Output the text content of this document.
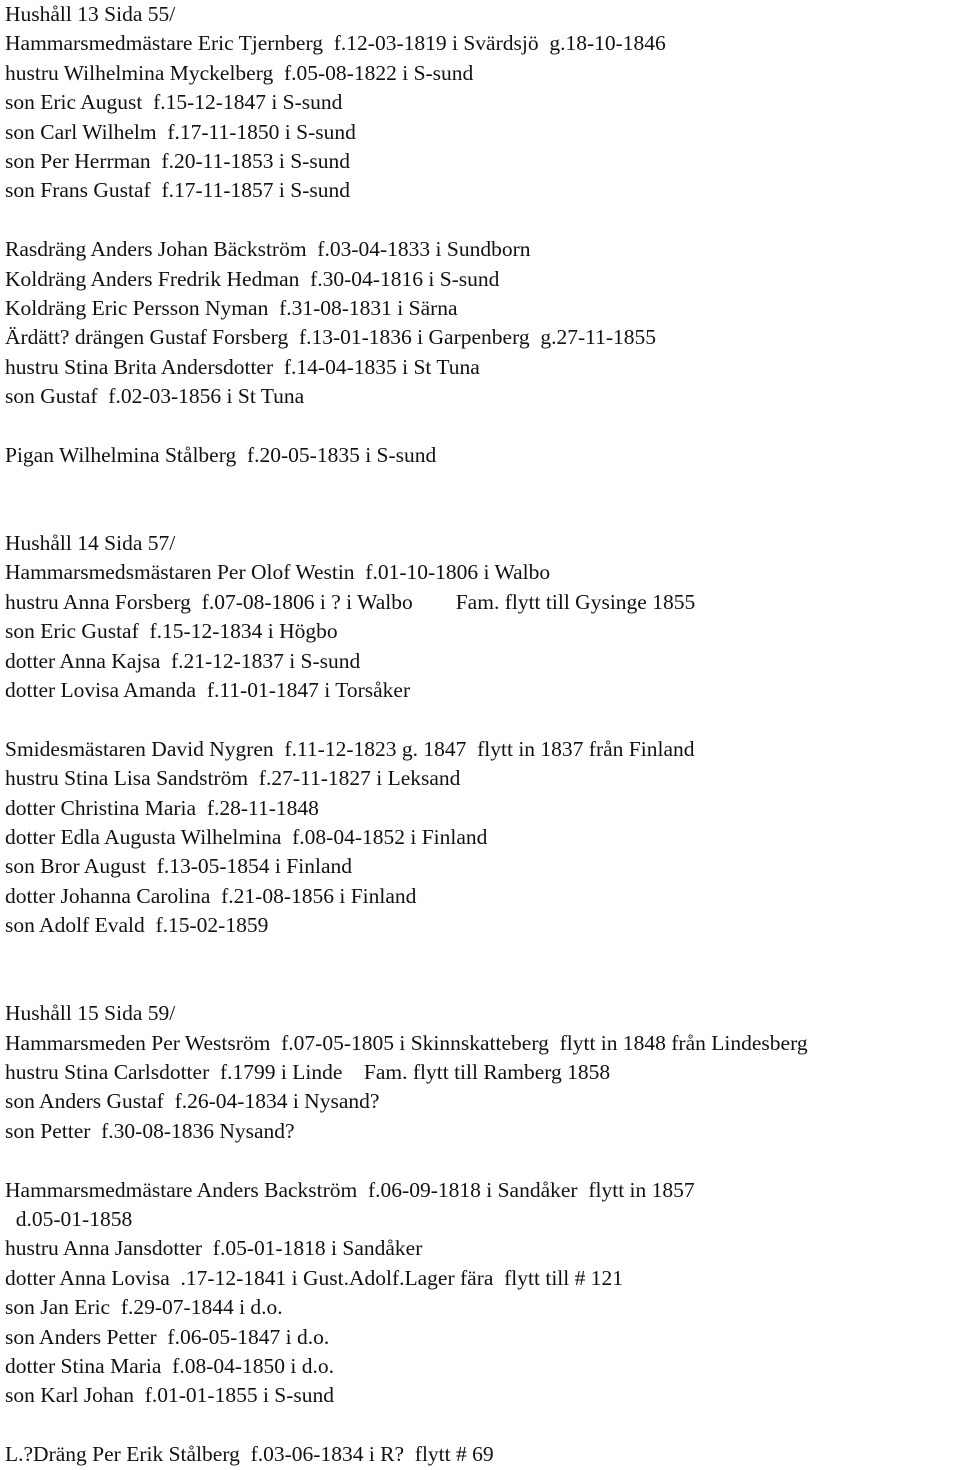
Hushåll 13 Sida 55/
Hammarsmedmästare Eric Tjernberg  f.12-03-1819 i Svärdsjö  g.18-10-1846
hustru Wilhelmina Myckelberg  f.05-08-1822 i S-sund
son Eric August  f.15-12-1847 i S-sund
son Carl Wilhelm  f.17-11-1850 i S-sund
son Per Herrman  f.20-11-1853 i S-sund
son Frans Gustaf  f.17-11-1857 i S-sund
Rasdräng Anders Johan Bäckström  f.03-04-1833 i Sundborn
Koldräng Anders Fredrik Hedman  f.30-04-1816 i S-sund
Koldräng Eric Persson Nyman  f.31-08-1831 i Särna
Ärdätt? drängen Gustaf Forsberg  f.13-01-1836 i Garpenberg  g.27-11-1855
hustru Stina Brita Andersdotter  f.14-04-1835 i St Tuna
son Gustaf  f.02-03-1856 i St Tuna
Pigan Wilhelmina Stålberg  f.20-05-1835 i S-sund
Hushåll 14 Sida 57/
Hammarsmedsmästaren Per Olof Westin  f.01-10-1806 i Walbo
hustru Anna Forsberg  f.07-08-1806 i ? i Walbo        Fam. flytt till Gysinge 1855
son Eric Gustaf  f.15-12-1834 i Högbo
dotter Anna Kajsa  f.21-12-1837 i S-sund
dotter Lovisa Amanda  f.11-01-1847 i Torsåker
Smidesmästaren David Nygren  f.11-12-1823 g. 1847  flytt in 1837 från Finland
hustru Stina Lisa Sandström  f.27-11-1827 i Leksand
dotter Christina Maria  f.28-11-1848
dotter Edla Augusta Wilhelmina  f.08-04-1852 i Finland
son Bror August  f.13-05-1854 i Finland
dotter Johanna Carolina  f.21-08-1856 i Finland
son Adolf Evald  f.15-02-1859
Hushåll 15 Sida 59/
Hammarsmeden Per Westsröm  f.07-05-1805 i Skinnskatteberg  flytt in 1848 från Lindesberg
hustru Stina Carlsdotter  f.1799 i Linde    Fam. flytt till Ramberg 1858
son Anders Gustaf  f.26-04-1834 i Nysand?
son Petter  f.30-08-1836 Nysand?
Hammarsmedmästare Anders Backström  f.06-09-1818 i Sandåker  flytt in 1857
d.05-01-1858
hustru Anna Jansdotter  f.05-01-1818 i Sandåker
dotter Anna Lovisa  .17-12-1841 i Gust.Adolf.Lager fära  flytt till # 121
son Jan Eric  f.29-07-1844 i d.o.
son Anders Petter  f.06-05-1847 i d.o.
dotter Stina Maria  f.08-04-1850 i d.o.
son Karl Johan  f.01-01-1855 i S-sund
L.?Dräng Per Erik Stålberg  f.03-06-1834 i R?  flytt # 69
